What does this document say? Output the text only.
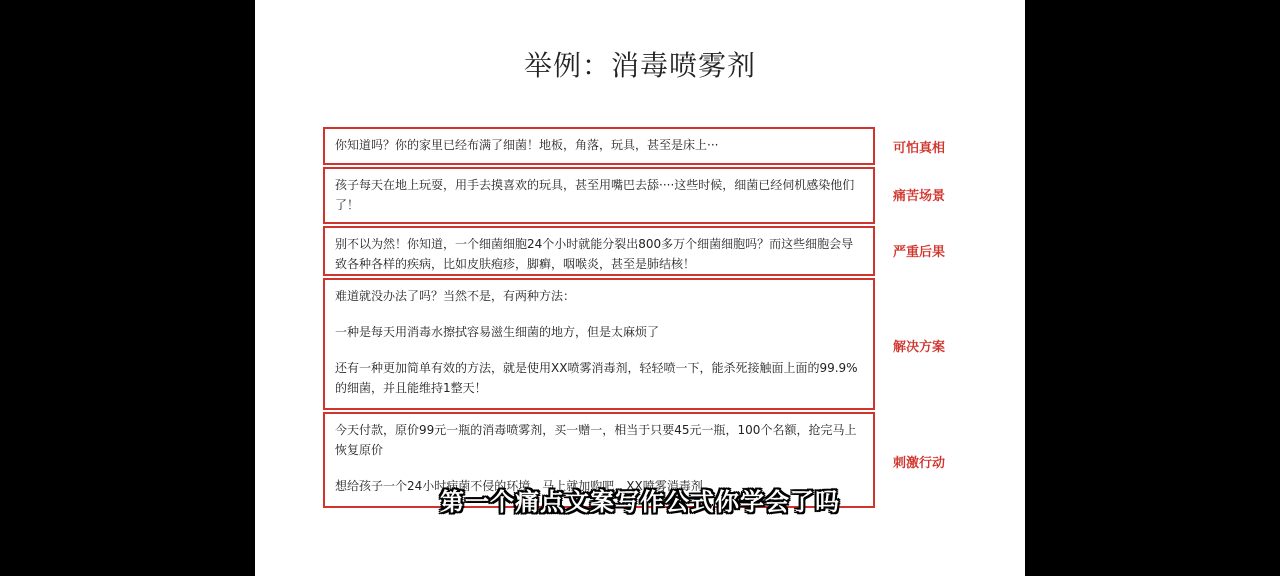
举例：消毒喷雾剂

你知道吗？你的家里已经布满了细菌！地板，角落，玩具，甚至是床上···	可怕真相

孩子每天在地上玩耍，用手去摸喜欢的玩具，甚至用嘴巴去舔····这些时候，细菌已经伺机感染他们了！

痛苦场景

别不以为然！你知道，一个细菌细胞24个小时就能分裂出800多万个细菌细胞吗？而这些细胞会导致各种各样的疾病，比如皮肤疱疹，脚癣，咽喉炎，甚至是肺结核！

严重后果

难道就没办法了吗？当然不是，有两种方法：

一种是每天用消毒水擦拭容易滋生细菌的地方，但是太麻烦了

还有一种更加简单有效的方法，就是使用XX喷雾消毒剂，轻轻喷一下，能杀死接触面上面的99.9%的细菌，并且能维持1整天！

解决方案

今天付款，原价99元一瓶的消毒喷雾剂，买一赠一，相当于只要45元一瓶，100个名额，抢完马上恢复原价

想给孩子一个24小时病菌不侵的环境，马上就加购吧，XX喷雾消毒剂

刺激行动
第一个痛点文案写作公式你学会了吗
